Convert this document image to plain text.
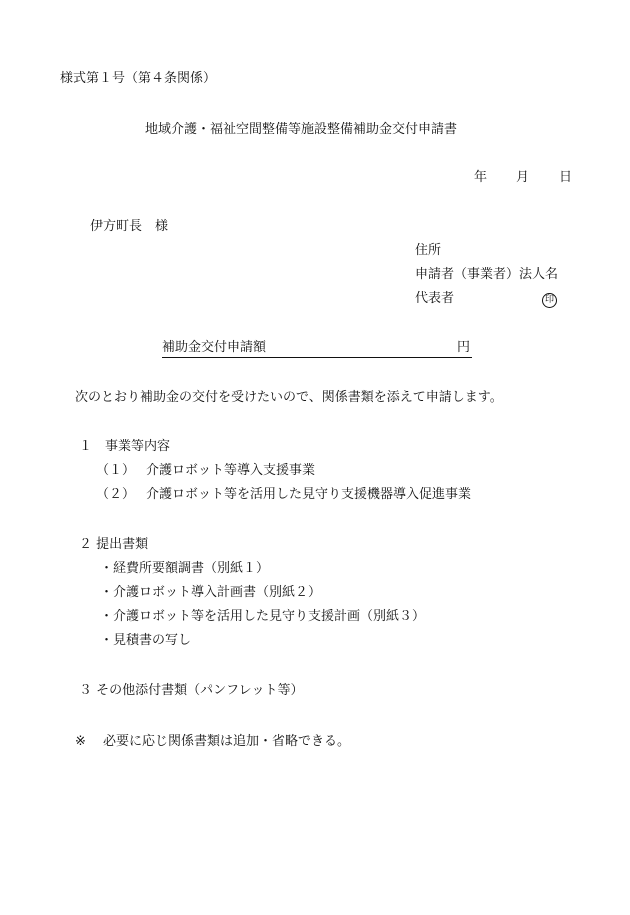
様式第１号（第４条関係）
地域介護・福祉空間整備等施設整備補助金交付申請書
年 月 日
伊方町長　様
住所
申請者（事業者）法人名
代表者	印
補助金交付申請額	円
次のとおり補助金の交付を受けたいので、関係書類を添えて申請します。
１　事業等内容
（１） 介護ロボット等導入支援事業
（２） 介護ロボット等を活用した見守り支援機器導入促進事業
２ 提出書類
・経費所要額調書（別紙１）
・介護ロボット導入計画書（別紙２）
・介護ロボット等を活用した見守り支援計画（別紙３）
・見積書の写し
３ その他添付書類（パンフレット等）
※ 必要に応じ関係書類は追加・省略できる。
